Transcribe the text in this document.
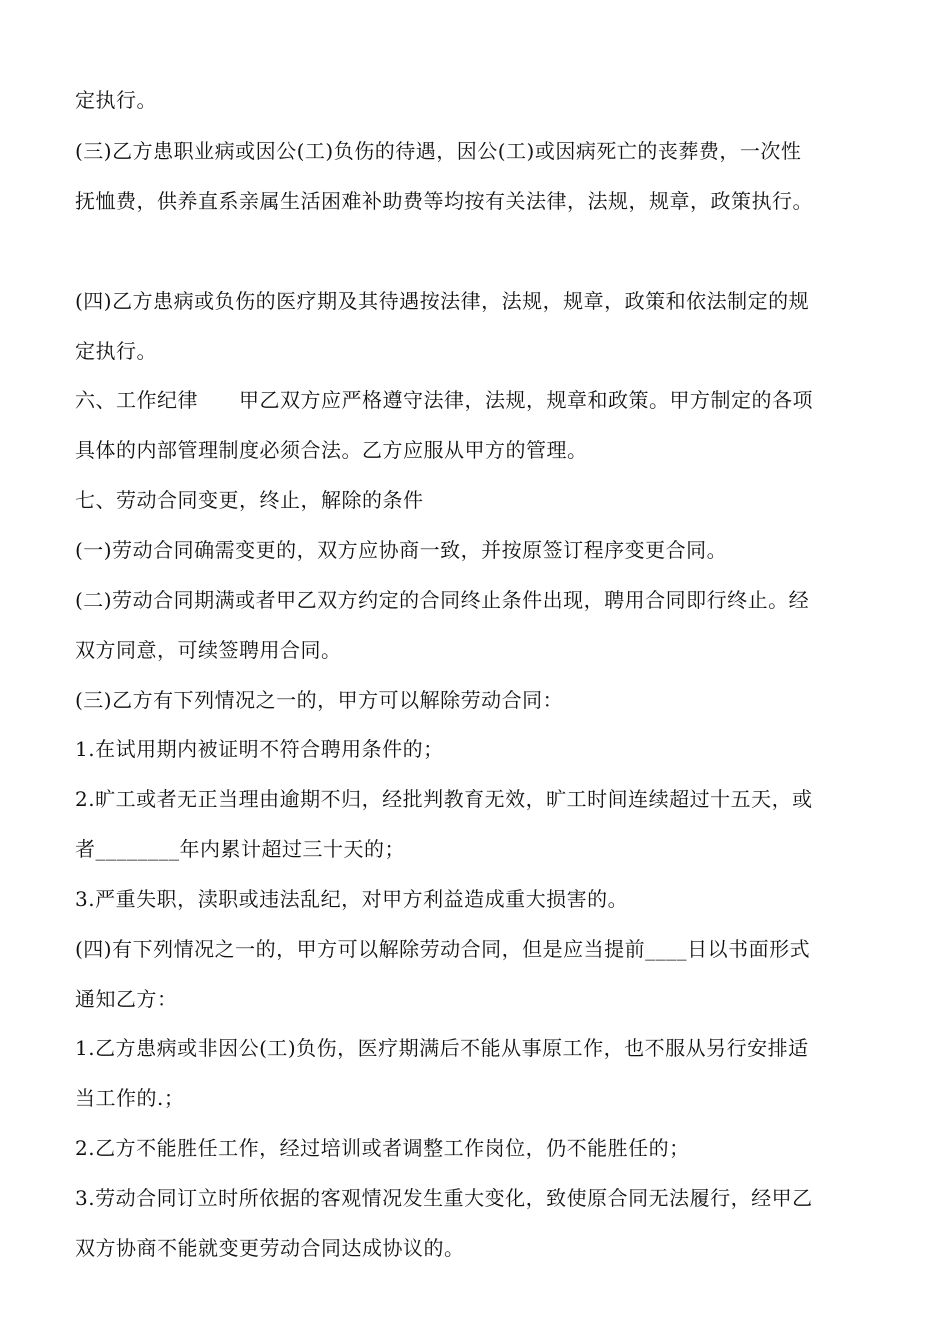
定执行。
(三)乙方患职业病或因公(工)负伤的待遇，因公(工)或因病死亡的丧葬费，一次性
抚恤费，供养直系亲属生活困难补助费等均按有关法律，法规，规章，政策执行。
(四)乙方患病或负伤的医疗期及其待遇按法律，法规，规章，政策和依法制定的规
定执行。
六、工作纪律　　甲乙双方应严格遵守法律，法规，规章和政策。甲方制定的各项
具体的内部管理制度必须合法。乙方应服从甲方的管理。
七、劳动合同变更，终止，解除的条件
(一)劳动合同确需变更的，双方应协商一致，并按原签订程序变更合同。
(二)劳动合同期满或者甲乙双方约定的合同终止条件出现，聘用合同即行终止。经
双方同意，可续签聘用合同。
(三)乙方有下列情况之一的，甲方可以解除劳动合同：
1.在试用期内被证明不符合聘用条件的；
2.旷工或者无正当理由逾期不归，经批判教育无效，旷工时间连续超过十五天，或
者________年内累计超过三十天的；
3.严重失职，渎职或违法乱纪，对甲方利益造成重大损害的。
(四)有下列情况之一的，甲方可以解除劳动合同，但是应当提前____日以书面形式
通知乙方：
1.乙方患病或非因公(工)负伤，医疗期满后不能从事原工作，也不服从另行安排适
当工作的.；
2.乙方不能胜任工作，经过培训或者调整工作岗位，仍不能胜任的；
3.劳动合同订立时所依据的客观情况发生重大变化，致使原合同无法履行，经甲乙
双方协商不能就变更劳动合同达成协议的。
